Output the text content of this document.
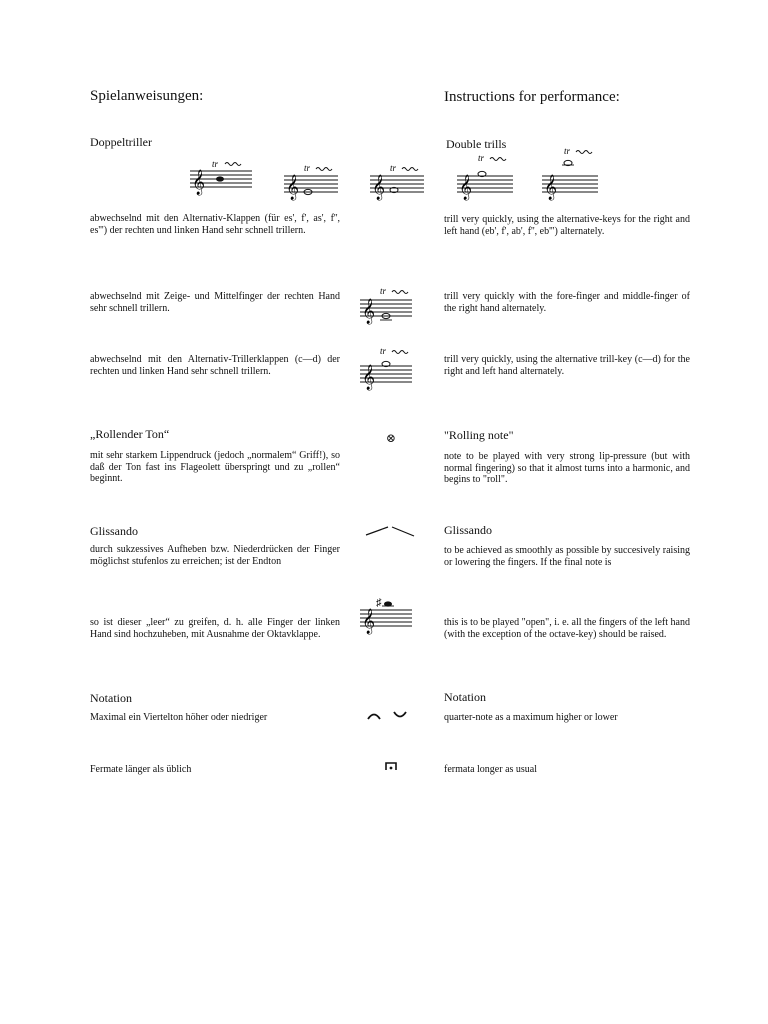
Spielanweisungen:	Instructions for performance:
Doppeltriller	Double trills
𝄞
tr
𝄞
tr
𝄞
tr
𝄞
tr
𝄞
tr
abwechselnd mit den Alternativ-Klappen (für es', f', as', f'', es''') der rechten und linken Hand sehr schnell trillern.
trill very quickly, using the alternative-keys for the right and left hand (eb', f', ab', f'', eb''') alternately.
abwechselnd mit Zeige- und Mittelfinger der rechten Hand sehr schnell trillern.	𝄞
tr	trill very quickly with the fore-finger and middle-finger of the right hand alternately.
abwechselnd mit den Alternativ-Trillerklappen (c—d) der rechten und linken Hand sehr schnell trillern.	𝄞
tr
trill very quickly, using the alternative trill-key (c—d) for the right and left hand alternately.
„Rollender Ton“	"Rolling note"
⊗
mit sehr starkem Lippendruck (jedoch „normalem“ Griff!), so daß der Ton fast ins Flageolett überspringt und zu „rollen“ beginnt.
note to be played with very strong lip-pressure (but with normal fingering) so that it almost turns into a harmonic, and begins to "roll".
Glissando	Glissando
durch sukzessives Aufheben bzw. Niederdrücken der Finger möglichst stufenlos zu erreichen; ist der Endton
to be achieved as smoothly as possible by succesively raising or lowering the fingers. If the final note is
so ist dieser „leer“ zu greifen, d. h. alle Finger der linken Hand sind hochzuheben, mit Ausnahme der Oktavklappe.	𝄞
♯
this is to be played "open", i. e. all the fingers of the left hand (with the exception of the octave-key) should be raised.
Notation	Notation
Maximal ein Viertelton höher oder niedriger	quarter-note as a maximum higher or lower
Fermate länger als üblich	fermata longer as usual
